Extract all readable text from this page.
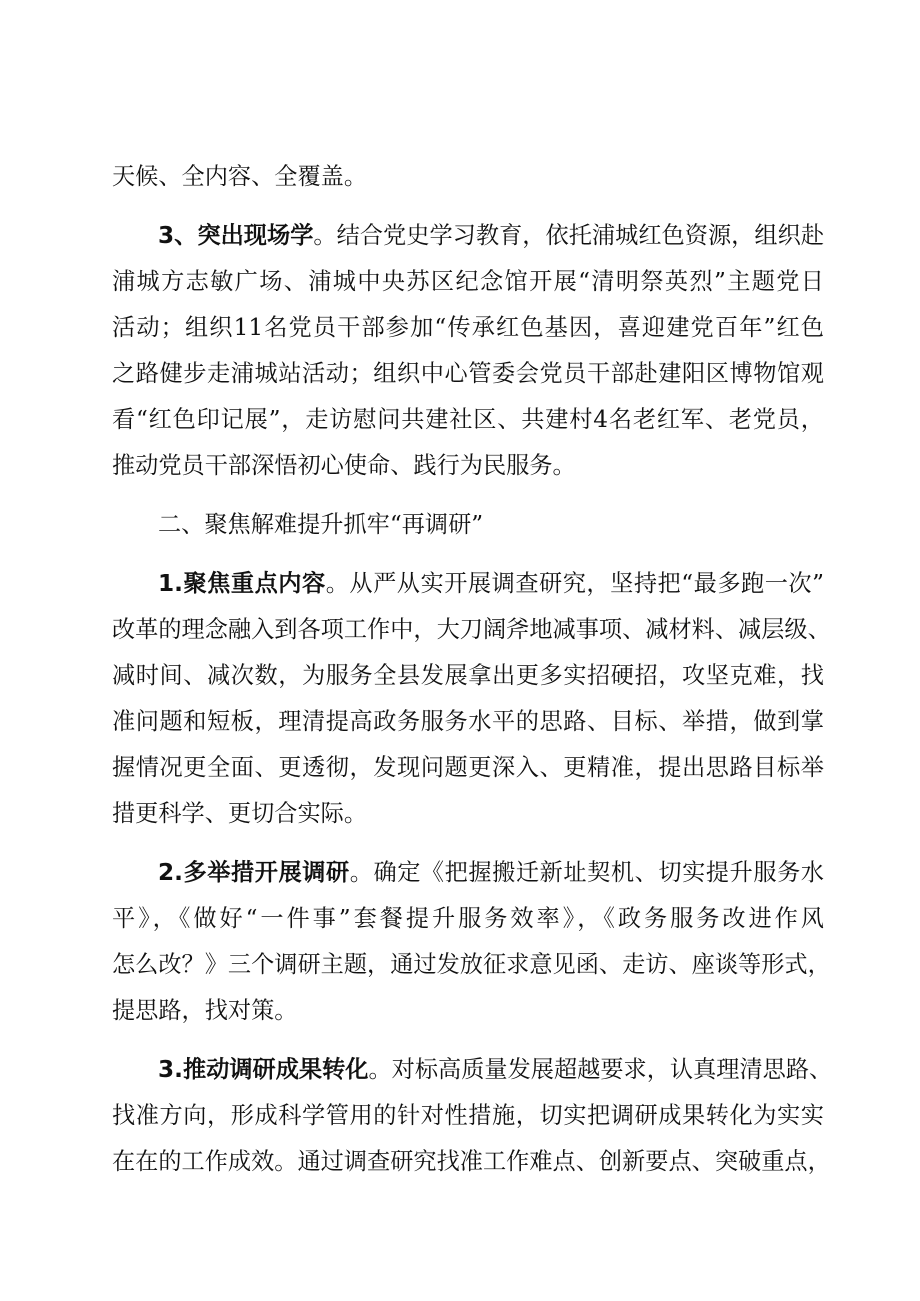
天候、全内容、全覆盖。
3、突出现场学。结合党史学习教育，依托浦城红色资源，组织赴
浦城方志敏广场、浦城中央苏区纪念馆开展“清明祭英烈”主题党日
活动；组织11名党员干部参加“传承红色基因，喜迎建党百年”红色
之路健步走浦城站活动；组织中心管委会党员干部赴建阳区博物馆观
看“红色印记展”，走访慰问共建社区、共建村4名老红军、老党员，
推动党员干部深悟初心使命、践行为民服务。
二、聚焦解难提升抓牢“再调研”
1.聚焦重点内容。从严从实开展调查研究，坚持把“最多跑一次”
改革的理念融入到各项工作中，大刀阔斧地减事项、减材料、减层级、
减时间、减次数，为服务全县发展拿出更多实招硬招，攻坚克难，找
准问题和短板，理清提高政务服务水平的思路、目标、举措，做到掌
握情况更全面、更透彻，发现问题更深入、更精准，提出思路目标举
措更科学、更切合实际。
2.多举措开展调研。确定《把握搬迁新址契机、切实提升服务水
平》，《做好“一件事”套餐提升服务效率》，《政务服务改进作风
怎么改？》三个调研主题，通过发放征求意见函、走访、座谈等形式，
提思路，找对策。
3.推动调研成果转化。对标高质量发展超越要求，认真理清思路、
找准方向，形成科学管用的针对性措施，切实把调研成果转化为实实
在在的工作成效。通过调查研究找准工作难点、创新要点、突破重点，
